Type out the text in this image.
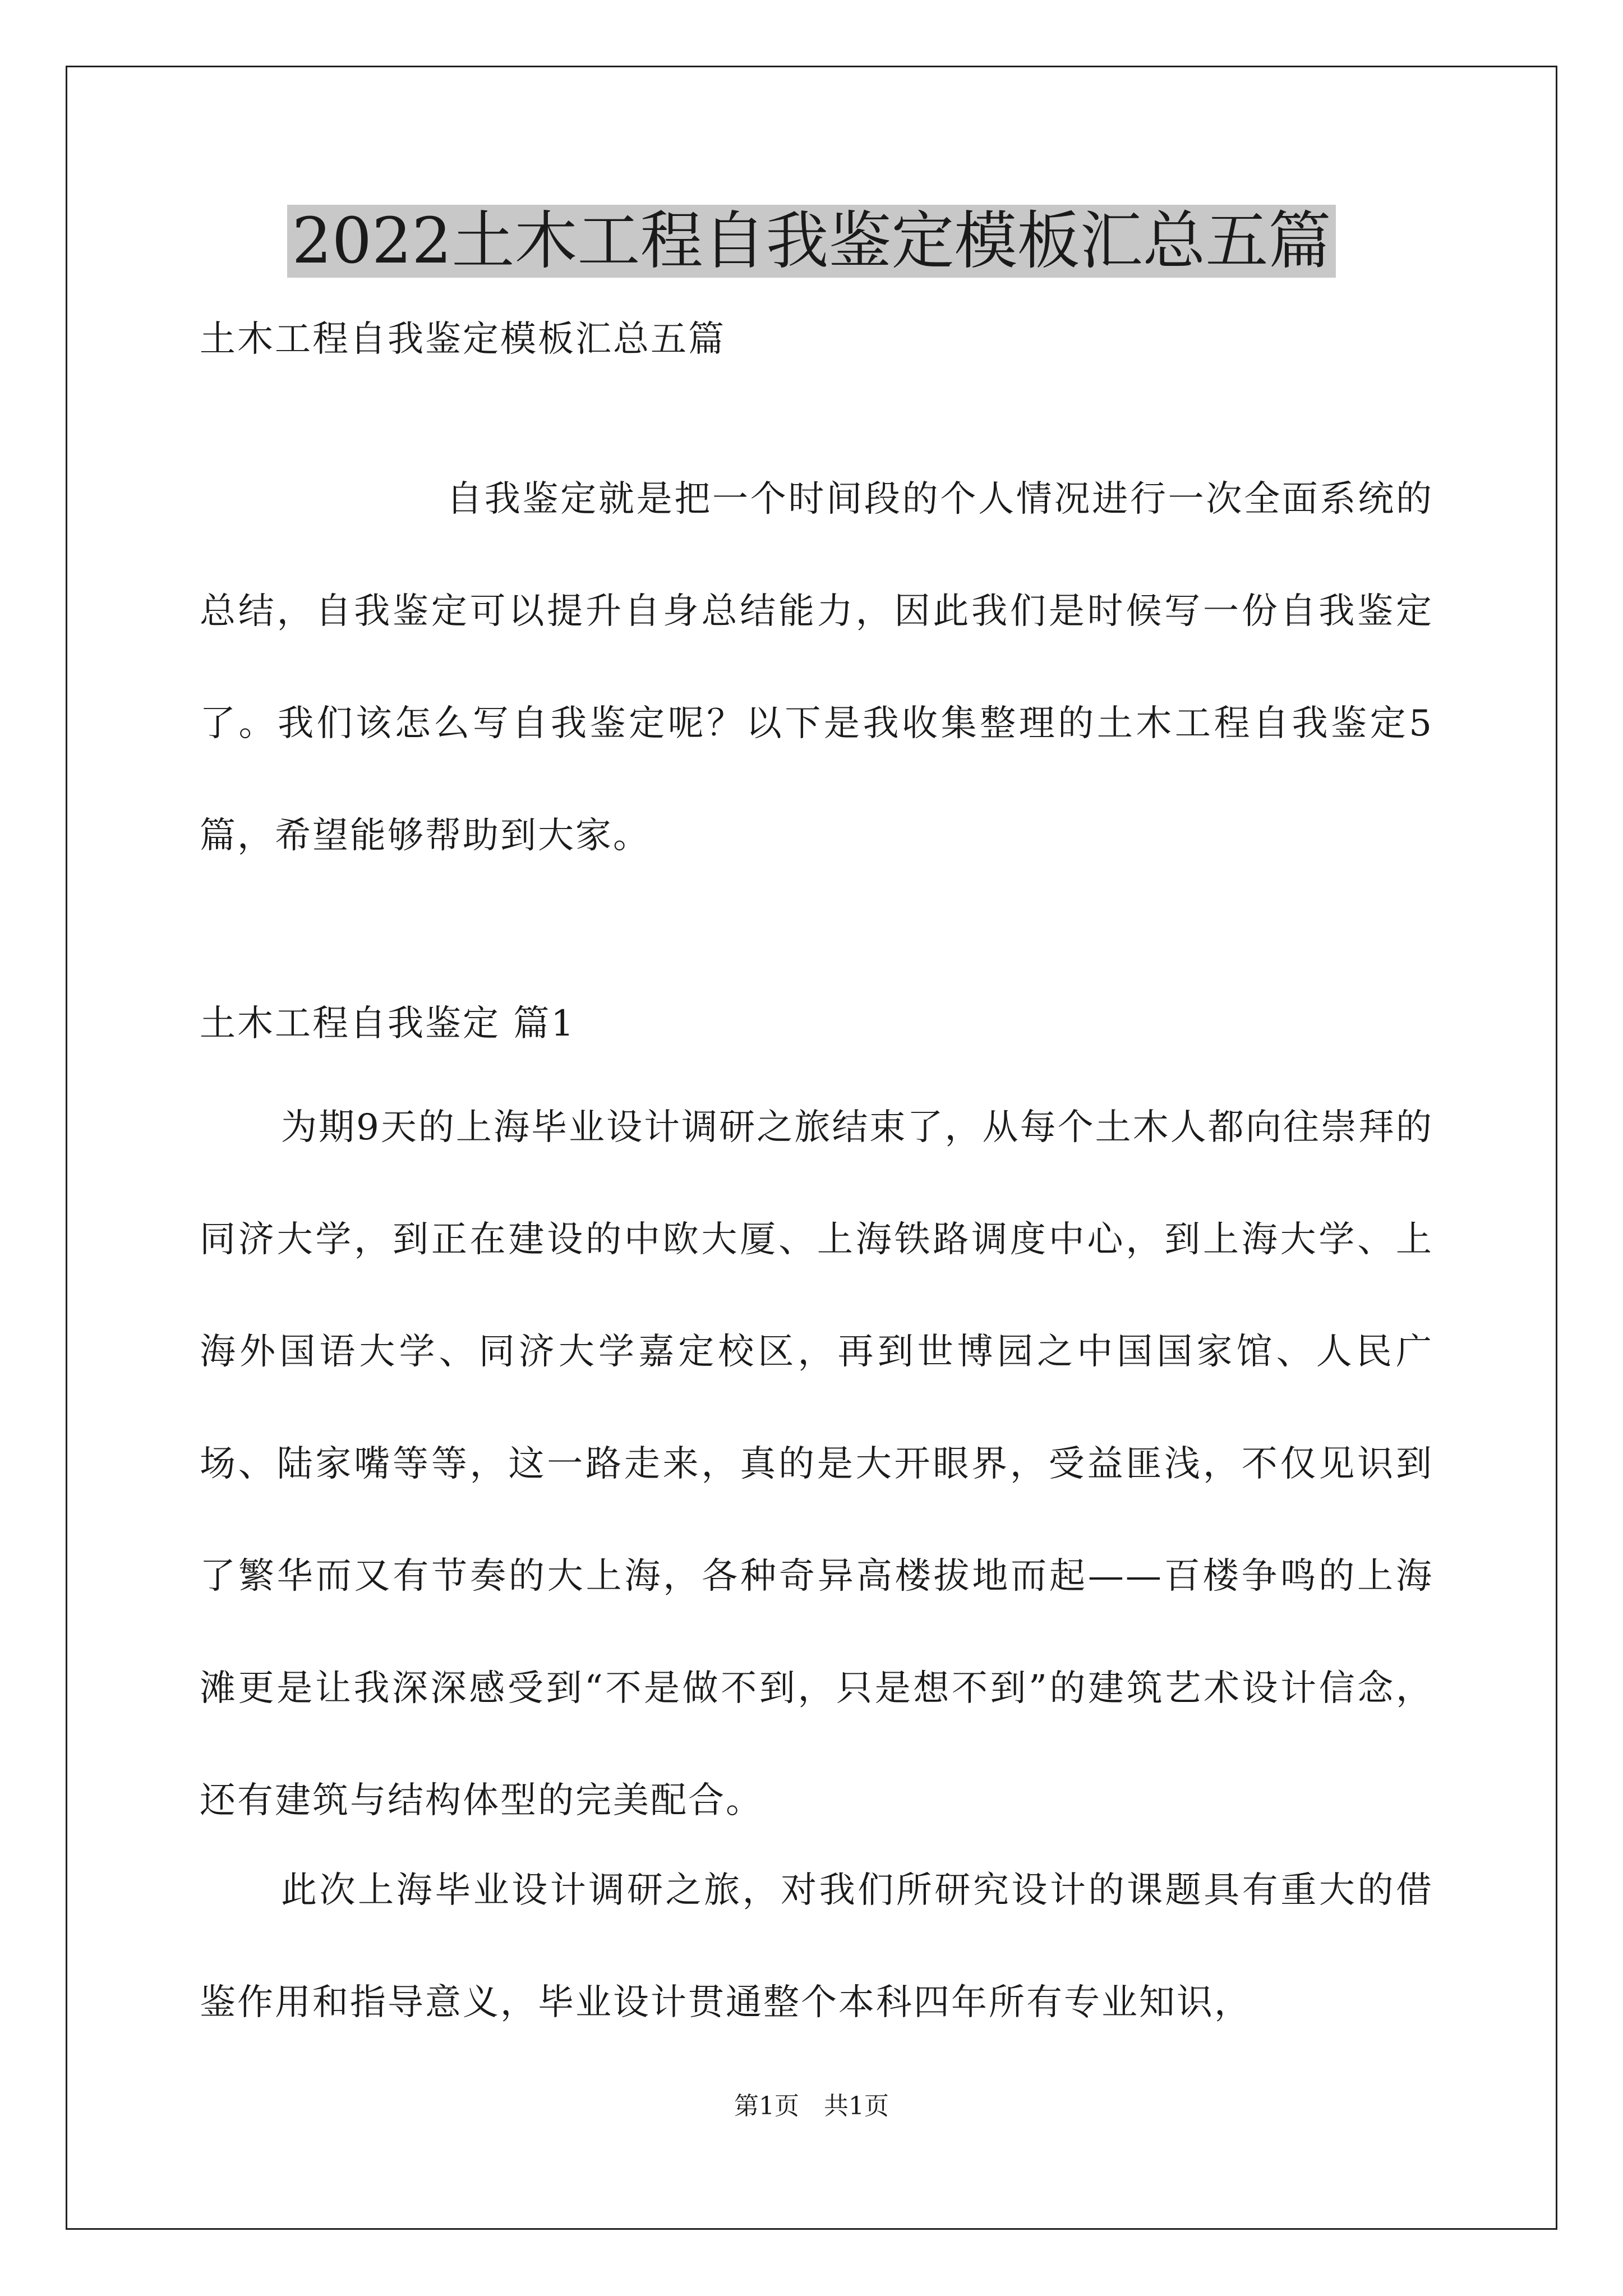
2022土木工程自我鉴定模板汇总五篇
土木工程自我鉴定模板汇总五篇

自我鉴定就是把一个时间段的个人情况进行一次全面系统的总结，自我鉴定可以提升自身总结能力，因此我们是时候写一份自我鉴定了。我们该怎么写自我鉴定呢？以下是我收集整理的土木工程自我鉴定5篇，希望能够帮助到大家。

土木工程自我鉴定 篇1

为期9天的上海毕业设计调研之旅结束了，从每个土木人都向往崇拜的同济大学，到正在建设的中欧大厦、上海铁路调度中心，到上海大学、上海外国语大学、同济大学嘉定校区，再到世博园之中国国家馆、人民广场、陆家嘴等等，这一路走来，真的是大开眼界，受益匪浅，不仅见识到了繁华而又有节奏的大上海，各种奇异高楼拔地而起——百楼争鸣的上海滩更是让我深深感受到“不是做不到，只是想不到”的建筑艺术设计信念，还有建筑与结构体型的完美配合。

此次上海毕业设计调研之旅，对我们所研究设计的课题具有重大的借鉴作用和指导意义，毕业设计贯通整个本科四年所有专业知识，

第1页　共1页
